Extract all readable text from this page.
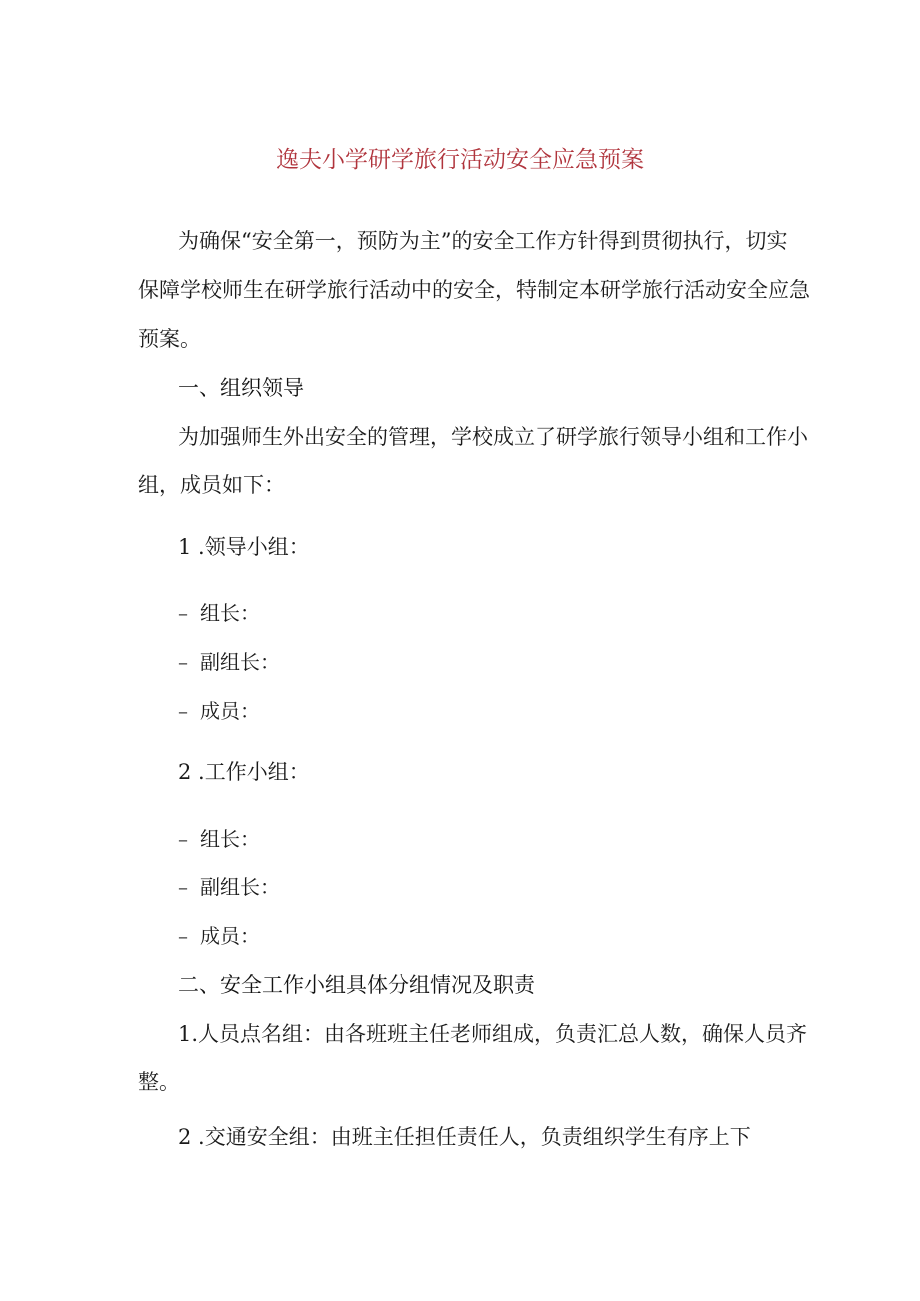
逸夫小学研学旅行活动安全应急预案
为确保“安全第一，预防为主”的安全工作方针得到贯彻执行，切实
保障学校师生在研学旅行活动中的安全，特制定本研学旅行活动安全应急
预案。
一、组织领导
为加强师生外出安全的管理，学校成立了研学旅行领导小组和工作小
组，成员如下：
1 .领导小组：
– 组长：
– 副组长：
– 成员：
2 .工作小组：
– 组长：
– 副组长：
– 成员：
二、安全工作小组具体分组情况及职责
1.人员点名组：由各班班主任老师组成，负责汇总人数，确保人员齐
整。
2 .交通安全组：由班主任担任责任人，负责组织学生有序上下
